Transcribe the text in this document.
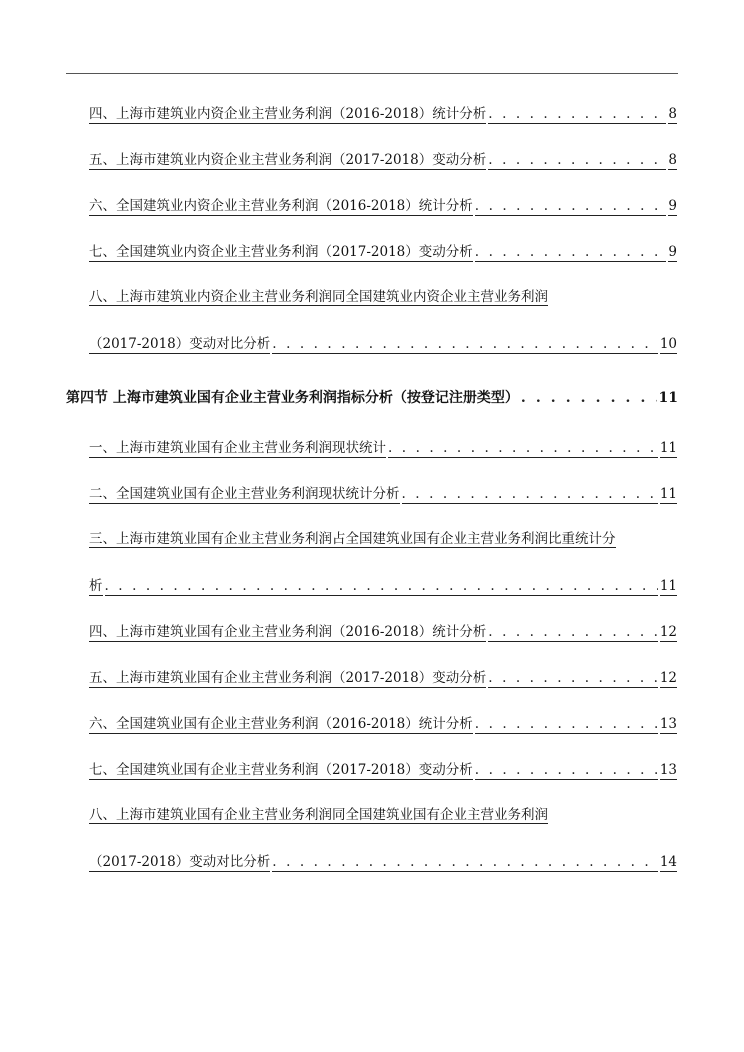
四、上海市建筑业内资企业主营业务利润（2016-2018）统计分析 . . .	8
五、上海市建筑业内资企业主营业务利润（2017-2018）变动分析 . . .	8
六、全国建筑业内资企业主营业务利润（2016-2018）统计分析 . . .	9
七、全国建筑业内资企业主营业务利润（2017-2018）变动分析 . . .	9
八、上海市建筑业内资企业主营业务利润同全国建筑业内资企业主营业务利润
（2017-2018）变动对比分析 . . .	10
第四节 上海市建筑业国有企业主营业务利润指标分析（按登记注册类型） . . .	11
一、上海市建筑业国有企业主营业务利润现状统计 . . .	11
二、全国建筑业国有企业主营业务利润现状统计分析 . . .	11
三、上海市建筑业国有企业主营业务利润占全国建筑业国有企业主营业务利润比重统计分
析 . . .	11
四、上海市建筑业国有企业主营业务利润（2016-2018）统计分析 . . .	12
五、上海市建筑业国有企业主营业务利润（2017-2018）变动分析 . . .	12
六、全国建筑业国有企业主营业务利润（2016-2018）统计分析 . . .	13
七、全国建筑业国有企业主营业务利润（2017-2018）变动分析 . . .	13
八、上海市建筑业国有企业主营业务利润同全国建筑业国有企业主营业务利润
（2017-2018）变动对比分析 . . .	14
